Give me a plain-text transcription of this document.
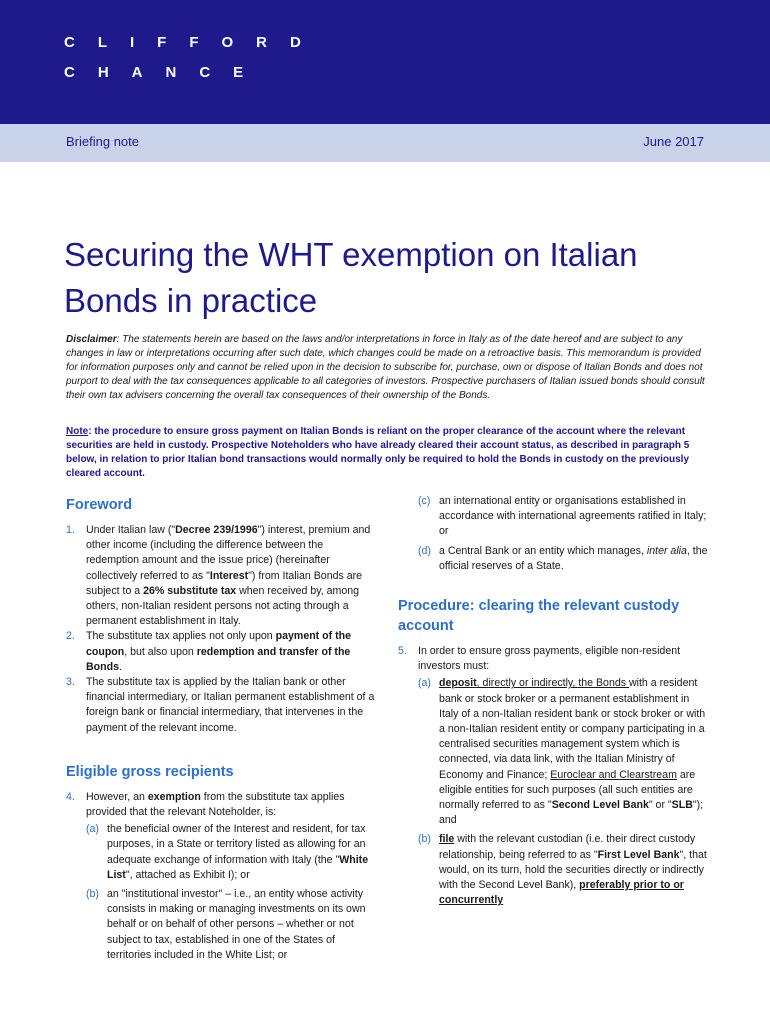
CLIFFORD
CHANCE
Briefing note	June 2017
Securing the WHT exemption on Italian Bonds in practice
Disclaimer: The statements herein are based on the laws and/or interpretations in force in Italy as of the date hereof and are subject to any changes in law or interpretations occurring after such date, which changes could be made on a retroactive basis. This memorandum is provided for information purposes only and cannot be relied upon in the decision to subscribe for, purchase, own or dispose of Italian Bonds and does not purport to deal with the tax consequences applicable to all categories of investors. Prospective purchasers of Italian issued bonds should consult their own tax advisers concerning the overall tax consequences of their ownership of the Bonds.
Note: the procedure to ensure gross payment on Italian Bonds is reliant on the proper clearance of the account where the relevant securities are held in custody. Prospective Noteholders who have already cleared their account status, as described in paragraph 5 below, in relation to prior Italian bond transactions would normally only be required to hold the Bonds in custody on the previously cleared account.
Foreword

1. Under Italian law ("Decree 239/1996") interest, premium and other income (including the difference between the redemption amount and the issue price) (hereinafter collectively referred to as "Interest") from Italian Bonds are subject to a 26% substitute tax when received by, among others, non-Italian resident persons not acting through a permanent establishment in Italy.

2. The substitute tax applies not only upon payment of the coupon, but also upon redemption and transfer of the Bonds.

3. The substitute tax is applied by the Italian bank or other financial intermediary, or Italian permanent establishment of a foreign bank or financial intermediary, that intervenes in the payment of the relevant income.

Eligible gross recipients

4. However, an exemption from the substitute tax applies provided that the relevant Noteholder, is:

(a) the beneficial owner of the Interest and resident, for tax purposes, in a State or territory listed as allowing for an adequate exchange of information with Italy (the "White List", attached as Exhibit I); or

(b) an "institutional investor" – i.e., an entity whose activity consists in making or managing investments on its own behalf or on behalf of other persons – whether or not subject to tax, established in one of the States of territories included in the White List; or

(c) an international entity or organisations established in accordance with international agreements ratified in Italy; or

(d) a Central Bank or an entity which manages, inter alia, the official reserves of a State.

Procedure: clearing the relevant custody account

5. In order to ensure gross payments, eligible non-resident investors must:

(a) deposit, directly or indirectly, the Bonds with a resident bank or stock broker or a permanent establishment in Italy of a non-Italian resident bank or stock broker or with a non-Italian resident entity or company participating in a centralised securities management system which is connected, via data link, with the Italian Ministry of Economy and Finance; Euroclear and Clearstream are eligible entities for such purposes (all such entities are normally referred to as "Second Level Bank" or "SLB"); and

(b) file with the relevant custodian (i.e. their direct custody relationship, being referred to as "First Level Bank", that would, on its turn, hold the securities directly or indirectly with the Second Level Bank), preferably prior to or concurrently
